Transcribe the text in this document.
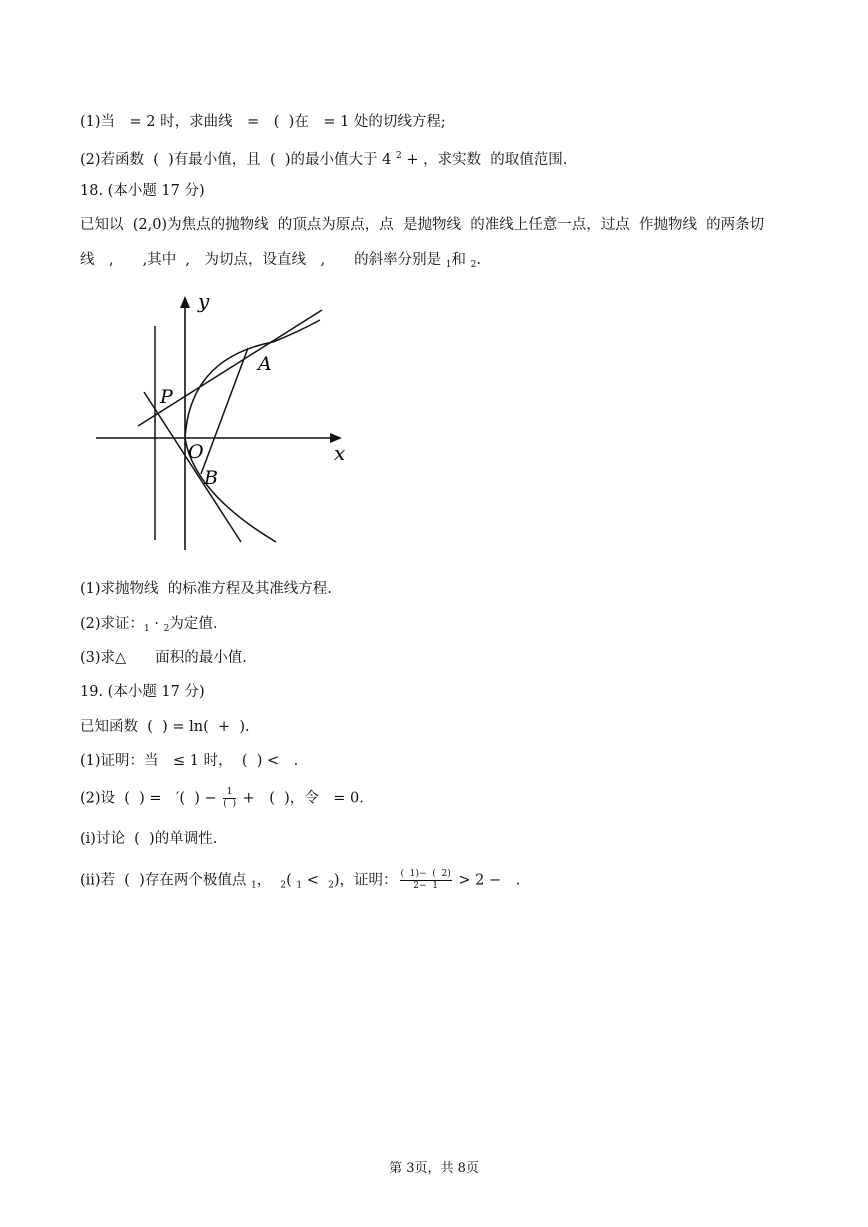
(1)当　= 2 时，求曲线　=　(  )在　= 1 处的切线方程;
(2)若函数  (  )有最小值，且  (  )的最小值大于 4 $^2$ + ，求实数  的取值范围.
18. (本小题 17 分)
已知以  (2,0)为焦点的抛物线  的顶点为原点，点  是抛物线  的准线上任意一点，过点  作抛物线  的两条切
线　,　　,其中  ,　为切点，设直线　,　　的斜率分别是 $_1$和 $_2$.
y
x
A
P
O
B
(1)求抛物线  的标准方程及其准线方程.
(2)求证：$_1$ · $_2$为定值.
(3)求△　　面积的最小值.
19. (本小题 17 分)
已知函数  (  ) = ln(  +  ).
(1)证明：当　≤ 1 时，  (  ) <　.
(2)设  (  ) =　′(  ) − $\frac{1}{( )}$ +　(  )，令　= 0.
(i)讨论  (  )的单调性.
(ii)若  (  )存在两个极值点 $_1$，  $_2$( $_1$ <  $_2$)，证明： $\frac{( 1)- ( 2)}{2- 1} > 2$ −　.
第 3页，共 8页
